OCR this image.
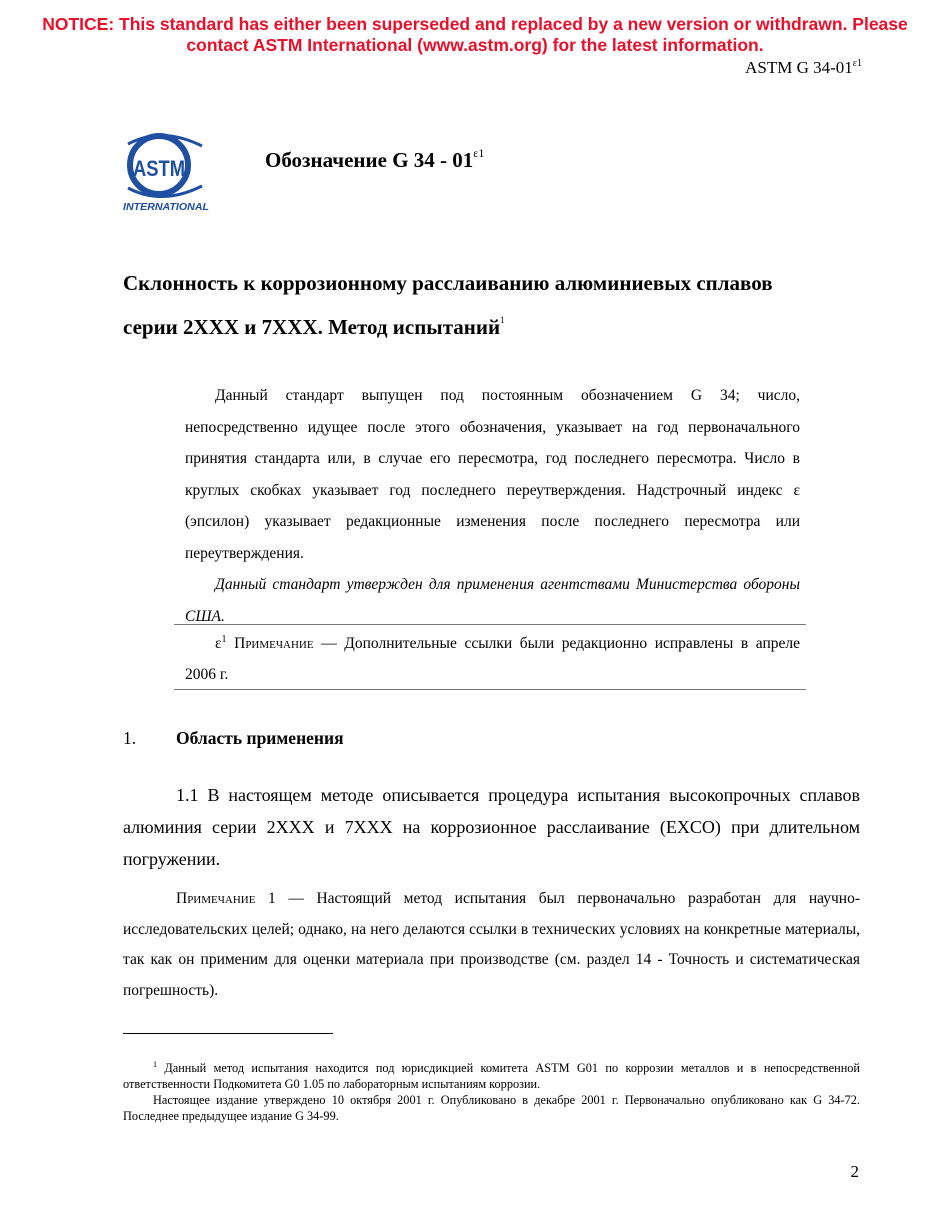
NOTICE: This standard has either been superseded and replaced by a new version or withdrawn. Please
contact ASTM International (www.astm.org) for the latest information.
ASTM G $34-01^{\varepsilon 1}$
ASTM
INTERNATIONAL
Обозначение G $34 - 01^{\varepsilon 1}$
Склонность к коррозионному расслаиванию алюминиевых сплавов
серии 2XXX и 7XXX. Метод испытаний$^1$

Данный стандарт выпущен под постоянным обозначением G 34; число, непосредственно идущее после этого обозначения, указывает на год первоначального принятия стандарта или, в случае его пересмотра, год последнего пересмотра. Число в круглых скобках указывает год последнего переутверждения. Надстрочный индекс ε (эпсилон) указывает редакционные изменения после последнего пересмотра или переутверждения.

Данный стандарт утвержден для применения агентствами Министерства обороны США.

$\varepsilon^1$ Примечание — Дополнительные ссылки были редакционно исправлены в апреле 2006 г.
1. Область применения
1.1 В настоящем методе описывается процедура испытания высокопрочных сплавов алюминия серии 2XXX и 7XXX на коррозионное расслаивание (EXCO) при длительном погружении.
Примечание 1 — Настоящий метод испытания был первоначально разработан для научно-исследовательских целей; однако, на него делаются ссылки в технических условиях на конкретные материалы, так как он применим для оценки материала при производстве (см. раздел 14 - Точность и систематическая погрешность).

$^1$ Данный метод испытания находится под юрисдикцией комитета ASTM G01 по коррозии металлов и в непосредственной ответственности Подкомитета G0 1.05 по лабораторным испытаниям коррозии.

Настоящее издание утверждено 10 октября 2001 г. Опубликовано в декабре 2001 г. Первоначально опубликовано как G 34-72. Последнее предыдущее издание G 34-99.

2
